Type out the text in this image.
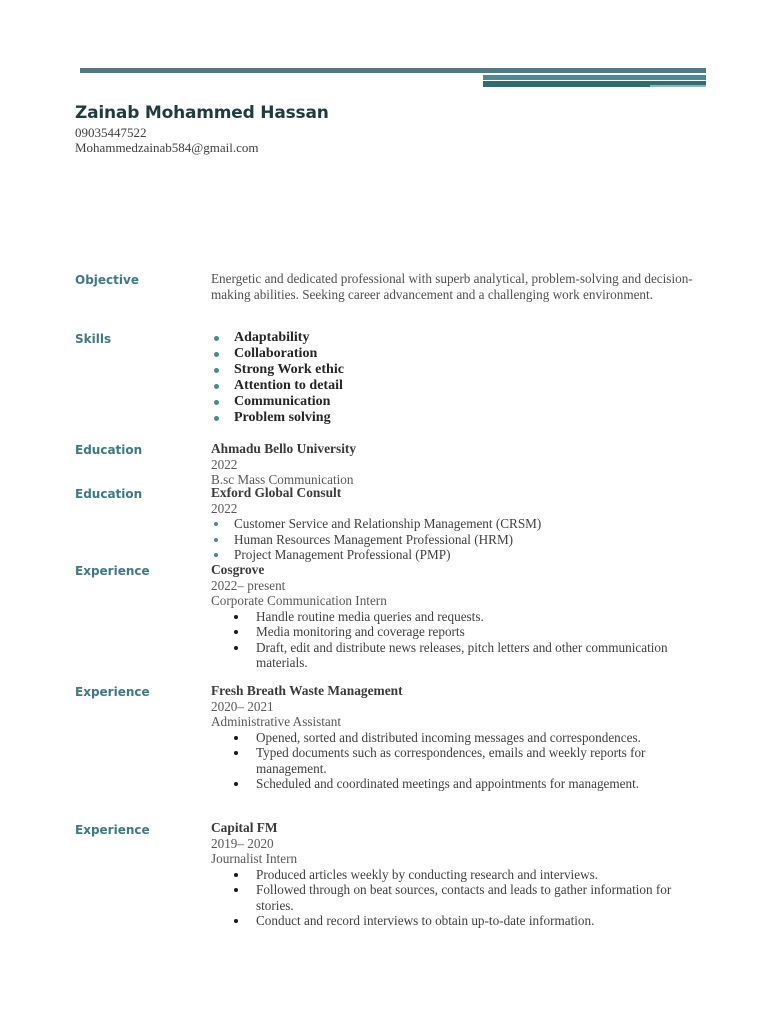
Zainab Mohammed Hassan
09035447522
Mohammedzainab584@gmail.com
Objective	Energetic and dedicated professional with superb analytical, problem-solving and decision-making abilities. Seeking career advancement and a challenging work environment.
Skills	Adaptability
Collaboration
Strong Work ethic
Attention to detail
Communication
Problem solving
Education	Ahmadu Bello University
2022
B.sc Mass Communication
Education	Exford Global Consult
2022
Customer Service and Relationship Management (CRSM)
Human Resources Management Professional (HRM)
Project Management Professional (PMP)
Experience	Cosgrove
2022– present
Corporate Communication Intern
Handle routine media queries and requests.
Media monitoring and coverage reports
Draft, edit and distribute news releases, pitch letters and other communication materials.
Experience	Fresh Breath Waste Management
2020– 2021
Administrative Assistant
Opened, sorted and distributed incoming messages and correspondences.
Typed documents such as correspondences, emails and weekly reports for management.
Scheduled and coordinated meetings and appointments for management.
Experience	Capital FM
2019– 2020
Journalist Intern
Produced articles weekly by conducting research and interviews.
Followed through on beat sources, contacts and leads to gather information for stories.
Conduct and record interviews to obtain up-to-date information.
